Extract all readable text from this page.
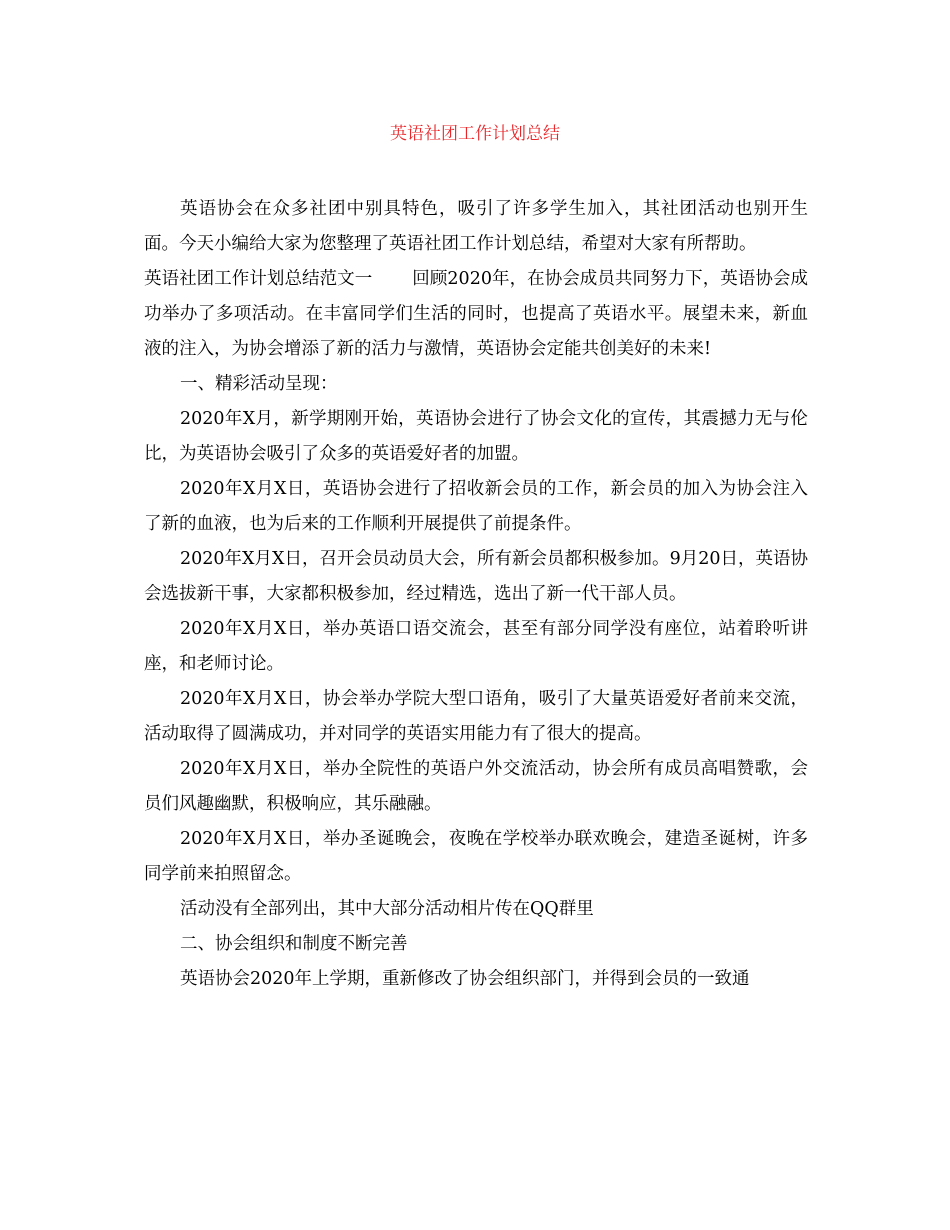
英语社团工作计划总结

英语协会在众多社团中别具特色，吸引了许多学生加入，其社团活动也别开生面。今天小编给大家为您整理了英语社团工作计划总结，希望对大家有所帮助。

英语社团工作计划总结范文一 回顾2020年，在协会成员共同努力下，英语协会成功举办了多项活动。在丰富同学们生活的同时，也提高了英语水平。展望未来，新血液的注入，为协会增添了新的活力与激情，英语协会定能共创美好的未来!

一、精彩活动呈现：

2020年X月，新学期刚开始，英语协会进行了协会文化的宣传，其震撼力无与伦比，为英语协会吸引了众多的英语爱好者的加盟。

2020年X月X日，英语协会进行了招收新会员的工作，新会员的加入为协会注入了新的血液，也为后来的工作顺利开展提供了前提条件。

2020年X月X日，召开会员动员大会，所有新会员都积极参加。9月20日，英语协会选拔新干事，大家都积极参加，经过精选，选出了新一代干部人员。

2020年X月X日，举办英语口语交流会，甚至有部分同学没有座位，站着聆听讲座，和老师讨论。

2020年X月X日，协会举办学院大型口语角，吸引了大量英语爱好者前来交流，活动取得了圆满成功，并对同学的英语实用能力有了很大的提高。

2020年X月X日，举办全院性的英语户外交流活动，协会所有成员高唱赞歌，会员们风趣幽默，积极响应，其乐融融。

2020年X月X日，举办圣诞晚会，夜晚在学校举办联欢晚会，建造圣诞树，许多同学前来拍照留念。

活动没有全部列出，其中大部分活动相片传在QQ群里

二、协会组织和制度不断完善

英语协会2020年上学期，重新修改了协会组织部门，并得到会员的一致通
